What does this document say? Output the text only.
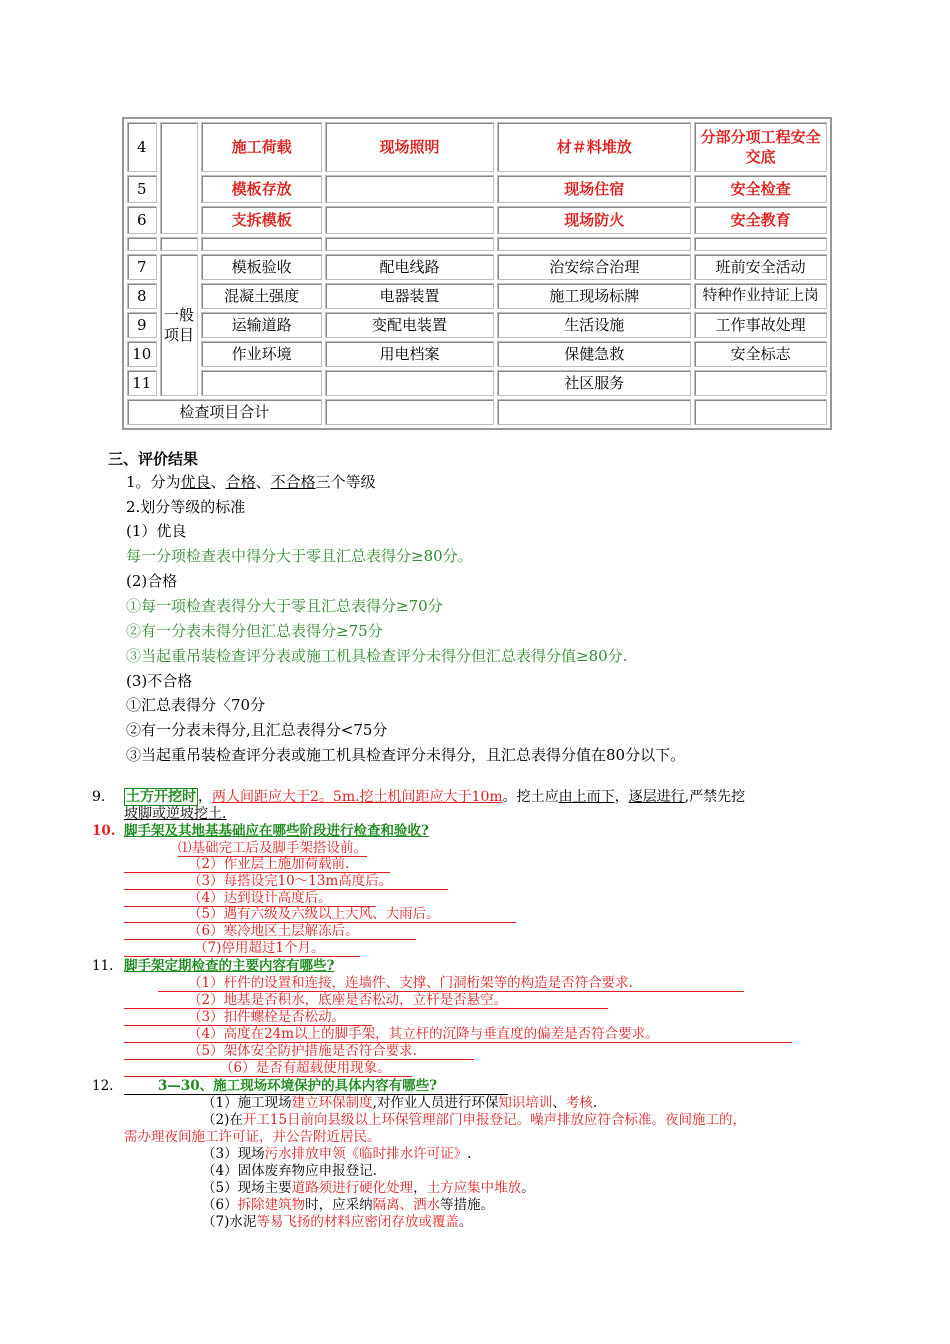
4		施工荷载	现场照明	材＃料堆放	分部分项工程安全交底
5		模板存放		现场住宿	安全检查
6		支拆模板		现场防火	安全教育

7	一般项目	模板验收	配电线路	治安综合治理	班前安全活动
8		混凝土强度	电器装置	施工现场标牌	特种作业持证上岗
9		运输道路	变配电装置	生活设施	工作事故处理
10		作业环境	用电档案	保健急救	安全标志
11				社区服务	
检查项目合计					
三、评价结果
1。分为优良、合格、不合格三个等级
2.划分等级的标准
(1）优良
每一分项检查表中得分大于零且汇总表得分≥80分。
(2)合格
①每一项检查表得分大于零且汇总表得分≥70分
②有一分表未得分但汇总表得分≥75分
③当起重吊装检查评分表或施工机具检查评分未得分但汇总表得分值≥80分.
(3)不合格
①汇总表得分〈70分
②有一分表未得分,且汇总表得分<75分
③当起重吊装检查评分表或施工机具检查评分未得分，且汇总表得分值在80分以下。
9. 土方开挖时 ，两人间距应大于2。5m.挖土机间距应大于10m。挖土应由上而下，逐层进行,严禁先挖
坡脚或逆坡挖土.
10. 脚手架及其地基基础应在哪些阶段进行检查和验收?
⑴基础完工后及脚手架搭设前。
（2）作业层上施加荷载前.
（3）每搭设完10～13m高度后。
（4）达到设计高度后。
（5）遇有六级及六级以上大风、大雨后。
（6）寒冷地区土层解冻后。
（7)停用超过1个月。
11. 脚手架定期检查的主要内容有哪些?
（1）杆件的设置和连接，连墙件、支撑、门洞桁架等的构造是否符合要求.
（2）地基是否积水，底座是否松动，立杆是否悬空。
（3）扣件螺栓是否松动。
（4）高度在24m以上的脚手架，其立杆的沉降与垂直度的偏差是否符合要求。
（5）架体安全防护措施是否符合要求.
（6）是否有超载使用现象。
12.	3—30、施工现场环境保护的具体内容有哪些?
（1）施工现场建立环保制度,对作业人员进行环保知识培训、考核.
（2)在开工15日前向县级以上环保管理部门申报登记。噪声排放应符合标准。夜间施工的，
需办理夜间施工许可证，并公告附近居民。
（3）现场污水排放申领《临时排水许可证》.
（4）固体废弃物应申报登记.
（5）现场主要道路须进行硬化处理，土方应集中堆放。
（6）拆除建筑物时，应采纳隔离、洒水等措施。
（7)水泥等易飞扬的材料应密闭存放或覆盖。
